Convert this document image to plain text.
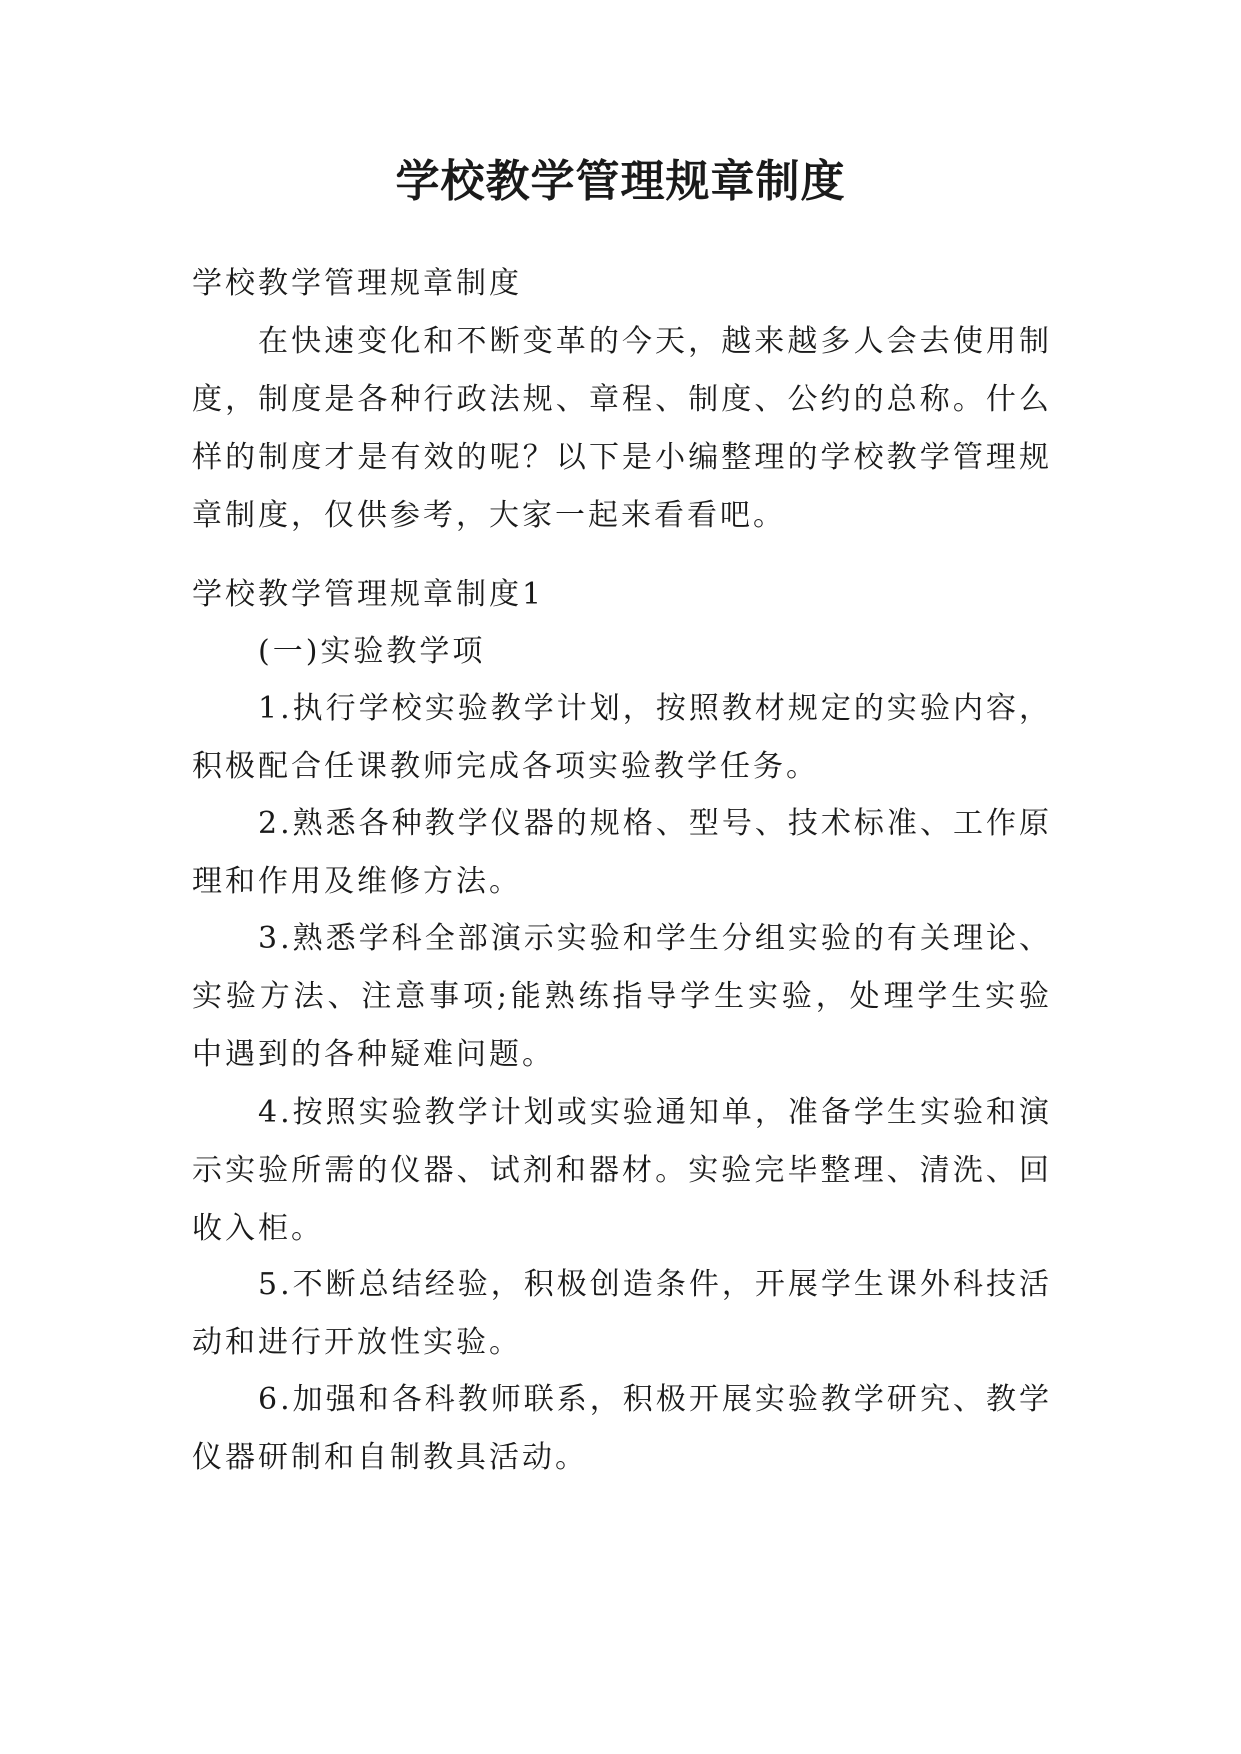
学校教学管理规章制度
学校教学管理规章制度
在快速变化和不断变革的今天，越来越多人会去使用制度，制度是各种行政法规、章程、制度、公约的总称。什么样的制度才是有效的呢？以下是小编整理的学校教学管理规章制度，仅供参考，大家一起来看看吧。
学校教学管理规章制度1
(一)实验教学项
1.执行学校实验教学计划，按照教材规定的实验内容，积极配合任课教师完成各项实验教学任务。
2.熟悉各种教学仪器的规格、型号、技术标准、工作原理和作用及维修方法。
3.熟悉学科全部演示实验和学生分组实验的有关理论、实验方法、注意事项;能熟练指导学生实验，处理学生实验中遇到的各种疑难问题。
4.按照实验教学计划或实验通知单，准备学生实验和演示实验所需的仪器、试剂和器材。实验完毕整理、清洗、回收入柜。
5.不断总结经验，积极创造条件，开展学生课外科技活动和进行开放性实验。
6.加强和各科教师联系，积极开展实验教学研究、教学仪器研制和自制教具活动。
